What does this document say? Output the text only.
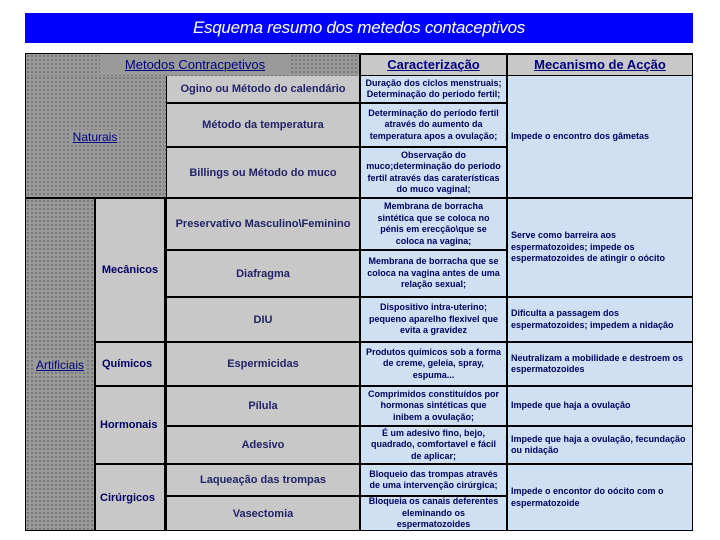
Esquema resumo dos metedos contaceptivos
Metodos Contracpetivos	Caracterização	Mecanismo de Acção
Naturais
Ogino ou Método do calendário
Duração dos ciclos menstruais; Determinação do periodo fertil;
Método da temperatura
Determinação do período fertil através do aumento da temperatura apos a ovulação;
Billings ou Método do muco
Observação do muco;determinação do periodo fertil através das caraterísticas do muco vaginal;
Impede o encontro dos gâmetas
Artificiais
Mecânicos
Químicos
Hormonais
Cirúrgicos
Preservativo Masculino\Feminino
Membrana de borracha sintética que se coloca no pénis em erecção\que se coloca na vagina;
Diafragma
Membrana de borracha que se coloca na vagina antes de uma relação sexual;
Serve como barreira aos espermatozoides; impede os espermatozoides de atingir o oócito
DIU
Dispositivo intra-uterino; pequeno aparelho flexivel que evita a gravidez
Dificulta a passagem dos espermatozoides; impedem a nidação
Espermicidas
Produtos químicos sob a forma de creme, geleia, spray, espuma...
Neutralizam a mobilidade e destroem os espermatozoides
Pílula
Comprimidos constituídos por hormonas sintéticas que inibem a ovulação;
Impede que haja a ovulação
Adesivo
É um adesivo fino, bejo, quadrado, comfortavel e fácil de aplicar;
Impede que haja a ovulação, fecundação ou nidação
Laqueação das trompas
Bloqueio das trompas através de uma intervenção cirúrgica;
Vasectomia
Bloqueia os canais deferentes eleminando os espermatozoides
Impede o encontor do oócito com o espermatozoide
